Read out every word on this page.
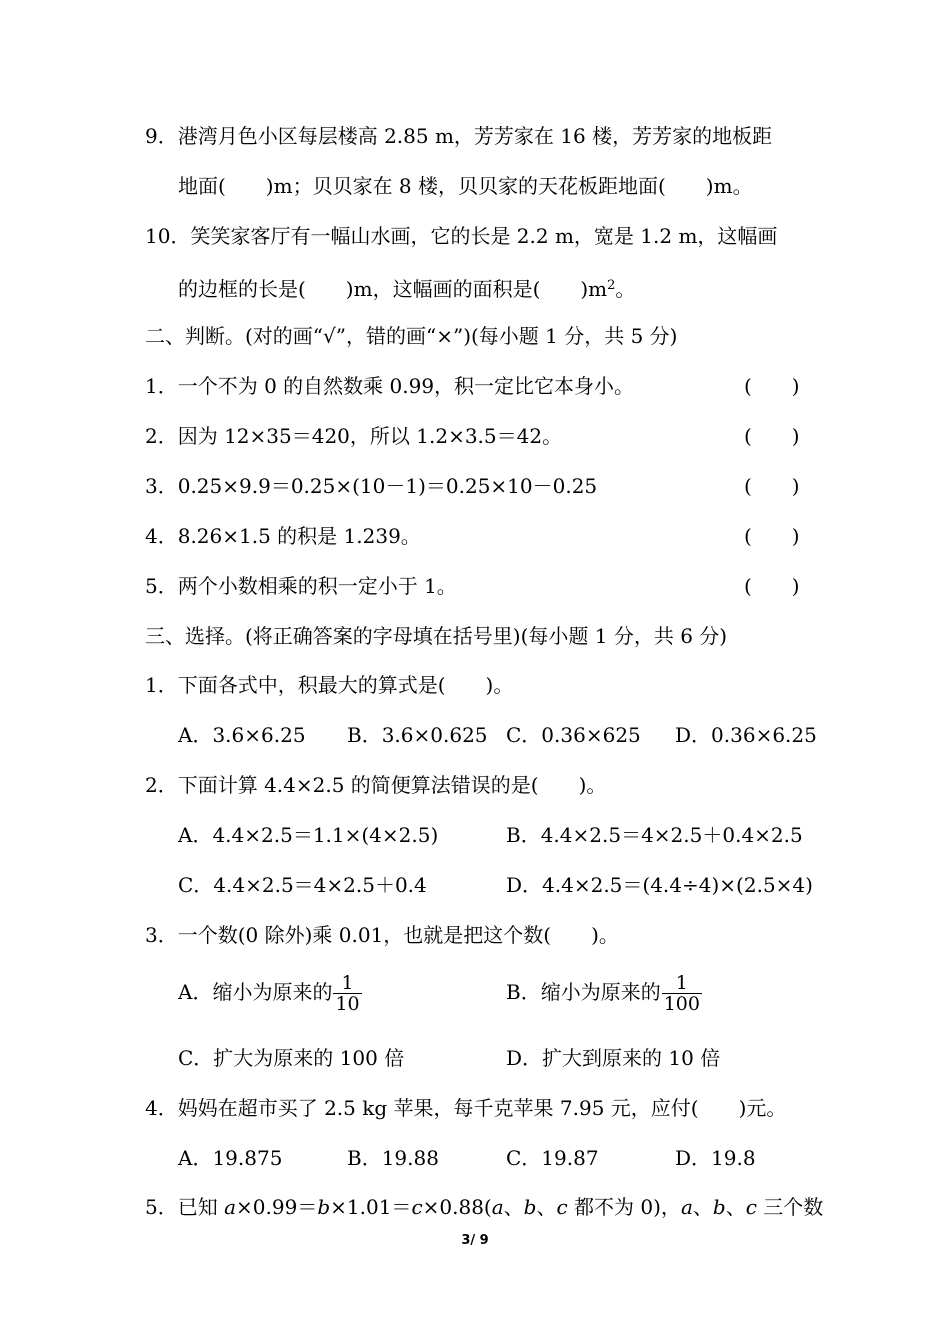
9．港湾月色小区每层楼高 2.85 m，芳芳家在 16 楼，芳芳家的地板距
地面(　　)m；贝贝家在 8 楼，贝贝家的天花板距地面(　　)m。
10．笑笑家客厅有一幅山水画，它的长是 2.2 m，宽是 1.2 m，这幅画
的边框的长是(　　)m，这幅画的面积是(　　)$m^2$。
二、判断。(对的画“√”，错的画“×”)(每小题 1 分，共 5 分)
1．一个不为 0 的自然数乘 0.99，积一定比它本身小。	(　　)
2．因为 12×35＝420，所以 1.2×3.5＝42。	(　　)
3．0.25×9.9＝0.25×(10－1)＝0.25×10－0.25	(　　)
4．8.26×1.5 的积是 1.239。	(　　)
5．两个小数相乘的积一定小于 1。	(　　)
三、选择。(将正确答案的字母填在括号里)(每小题 1 分，共 6 分)
1．下面各式中，积最大的算式是(　　)。
A．3.6×6.25 B．3.6×0.625 C．0.36×625 D．0.36×6.25
2．下面计算 4.4×2.5 的简便算法错误的是(　　)。
A．4.4×2.5＝1.1×(4×2.5)	B．4.4×2.5＝4×2.5＋0.4×2.5
C．4.4×2.5＝4×2.5＋0.4	D．4.4×2.5＝(4.4÷4)×(2.5×4)
3．一个数(0 除外)乘 0.01，也就是把这个数(　　)。
A．缩小为原来的 $\frac{1}{10}$	B．缩小为原来的 $\frac{1}{100}$
C．扩大为原来的 100 倍	D．扩大到原来的 10 倍
4．妈妈在超市买了 2.5 kg 苹果，每千克苹果 7.95 元，应付(　　)元。
A．19.875	B．19.88	C．19.87	D．19.8
5．已知 a×0.99＝b×1.01＝c×0.88(a、b、c 都不为 0)，a、b、c 三个数
3/ 9
